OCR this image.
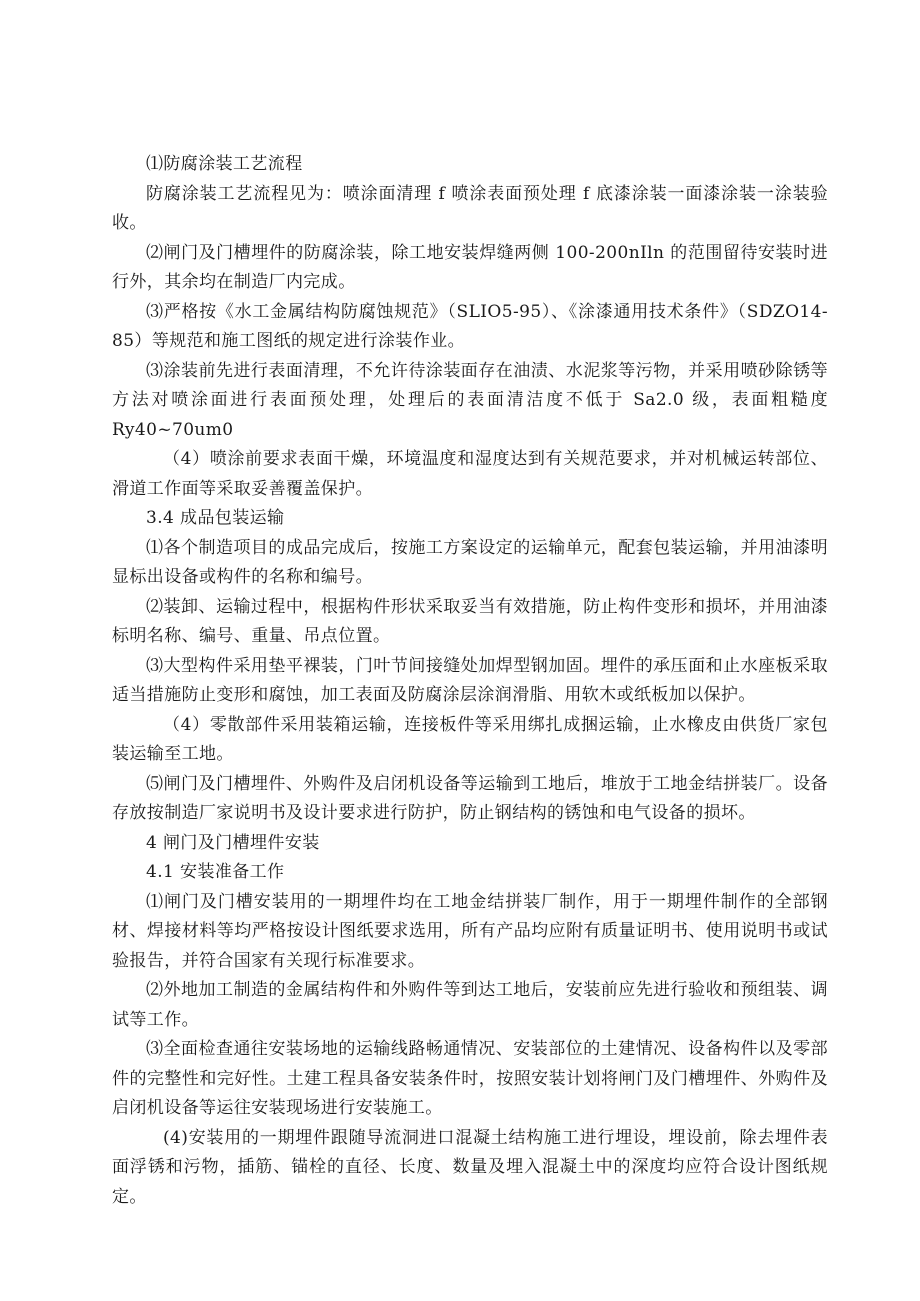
⑴防腐涂装工艺流程

防腐涂装工艺流程见为：喷涂面清理 f 喷涂表面预处理 f 底漆涂装一面漆涂装一涂装验收。

⑵闸门及门槽埋件的防腐涂装，除工地安装焊缝两侧 100-200nIln 的范围留待安装时进行外，其余均在制造厂内完成。

⑶严格按《水工金属结构防腐蚀规范》（SLIO5-95）、《涂漆通用技术条件》（SDZO14-85）等规范和施工图纸的规定进行涂装作业。

⑶涂装前先进行表面清理，不允许待涂装面存在油渍、水泥浆等污物，并采用喷砂除锈等方法对喷涂面进行表面预处理，处理后的表面清洁度不低于 Sa2.0 级，表面粗糙度 Ry40~70um0

（4）喷涂前要求表面干燥，环境温度和湿度达到有关规范要求，并对机械运转部位、滑道工作面等采取妥善覆盖保护。

3.4 成品包装运输

⑴各个制造项目的成品完成后，按施工方案设定的运输单元，配套包装运输，并用油漆明显标出设备或构件的名称和编号。

⑵装卸、运输过程中，根据构件形状采取妥当有效措施，防止构件变形和损坏，并用油漆标明名称、编号、重量、吊点位置。

⑶大型构件采用垫平裸装，门叶节间接缝处加焊型钢加固。埋件的承压面和止水座板采取适当措施防止变形和腐蚀，加工表面及防腐涂层涂润滑脂、用软木或纸板加以保护。

（4）零散部件采用装箱运输，连接板件等采用绑扎成捆运输，止水橡皮由供货厂家包装运输至工地。

⑸闸门及门槽埋件、外购件及启闭机设备等运输到工地后，堆放于工地金结拼装厂。设备存放按制造厂家说明书及设计要求进行防护，防止钢结构的锈蚀和电气设备的损坏。

4 闸门及门槽埋件安装

4.1 安装准备工作

⑴闸门及门槽安装用的一期埋件均在工地金结拼装厂制作，用于一期埋件制作的全部钢材、焊接材料等均严格按设计图纸要求选用，所有产品均应附有质量证明书、使用说明书或试验报告，并符合国家有关现行标准要求。

⑵外地加工制造的金属结构件和外购件等到达工地后，安装前应先进行验收和预组装、调试等工作。

⑶全面检查通往安装场地的运输线路畅通情况、安装部位的土建情况、设备构件以及零部件的完整性和完好性。土建工程具备安装条件时，按照安装计划将闸门及门槽埋件、外购件及启闭机设备等运往安装现场进行安装施工。

(4)安装用的一期埋件跟随导流洞进口混凝土结构施工进行埋设，埋设前，除去埋件表面浮锈和污物，插筋、锚栓的直径、长度、数量及埋入混凝土中的深度均应符合设计图纸规定。
